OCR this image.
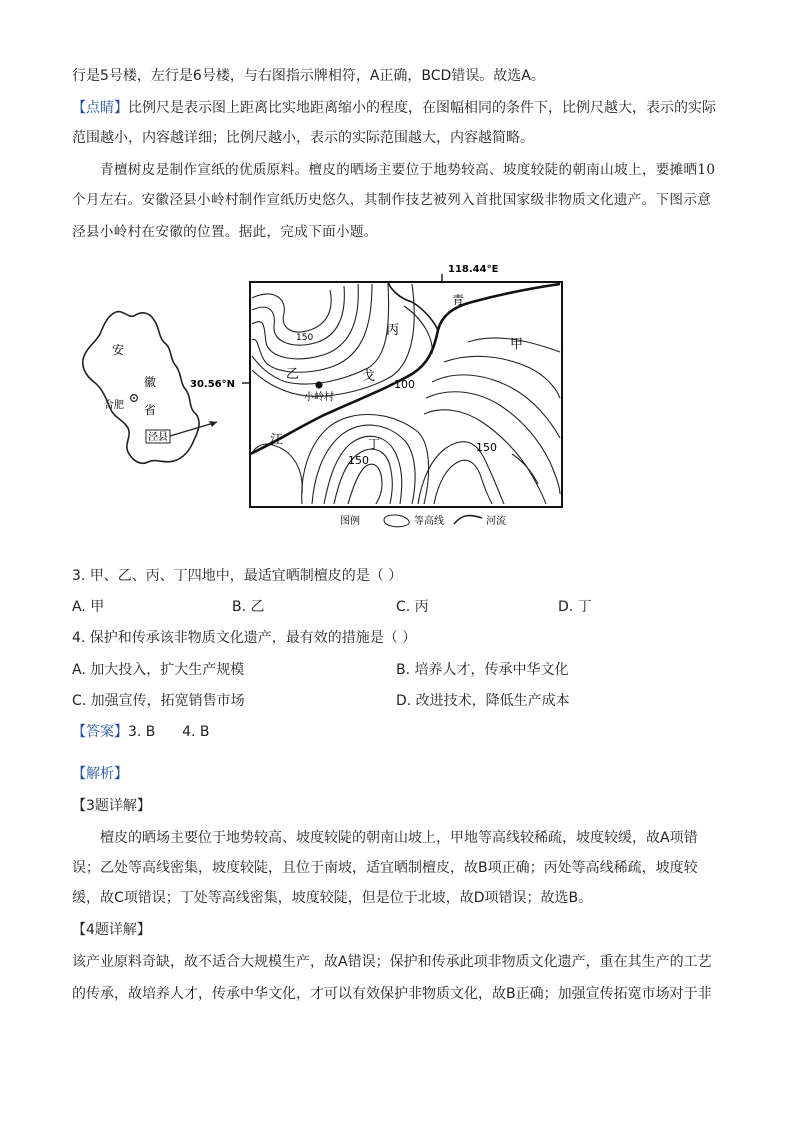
行是5号楼，左行是6号楼，与右图指示牌相符，A正确，BCD错误。故选A。
【点睛】比例尺是表示图上距离比实地距离缩小的程度，在图幅相同的条件下，比例尺越大，表示的实际
范围越小，内容越详细；比例尺越小，表示的实际范围越大，内容越简略。
青檀树皮是制作宣纸的优质原料。檀皮的晒场主要位于地势较高、坡度较陡的朝南山坡上，要摊晒10
个月左右。安徽泾县小岭村制作宣纸历史悠久，其制作技艺被列入首批国家级非物质文化遗产。下图示意
泾县小岭村在安徽的位置。据此，完成下面小题。
安
徽
省
合肥
泾县
118.44°E
30.56°N
青
丙
甲
乙	戈
小岭村
江	丁
150
100
150
150
图例	等高线	河流
3. 甲、乙、丙、丁四地中，最适宜晒制檀皮的是（ ）
A. 甲	B. 乙	C. 丙	D. 丁
4. 保护和传承该非物质文化遗产，最有效的措施是（ ）
A. 加大投入，扩大生产规模	B. 培养人才，传承中华文化
C. 加强宣传，拓宽销售市场	D. 改进技术，降低生产成本
【答案】3. B      4. B
【解析】
【3题详解】
檀皮的晒场主要位于地势较高、坡度较陡的朝南山坡上，甲地等高线较稀疏，坡度较缓，故A项错
误；乙处等高线密集，坡度较陡，且位于南坡，适宜晒制檀皮，故B项正确；丙处等高线稀疏，坡度较
缓，故C项错误；丁处等高线密集，坡度较陡，但是位于北坡，故D项错误；故选B。
【4题详解】
该产业原料奇缺，故不适合大规模生产，故A错误；保护和传承此项非物质文化遗产，重在其生产的工艺
的传承，故培养人才，传承中华文化，才可以有效保护非物质文化，故B正确；加强宣传拓宽市场对于非
